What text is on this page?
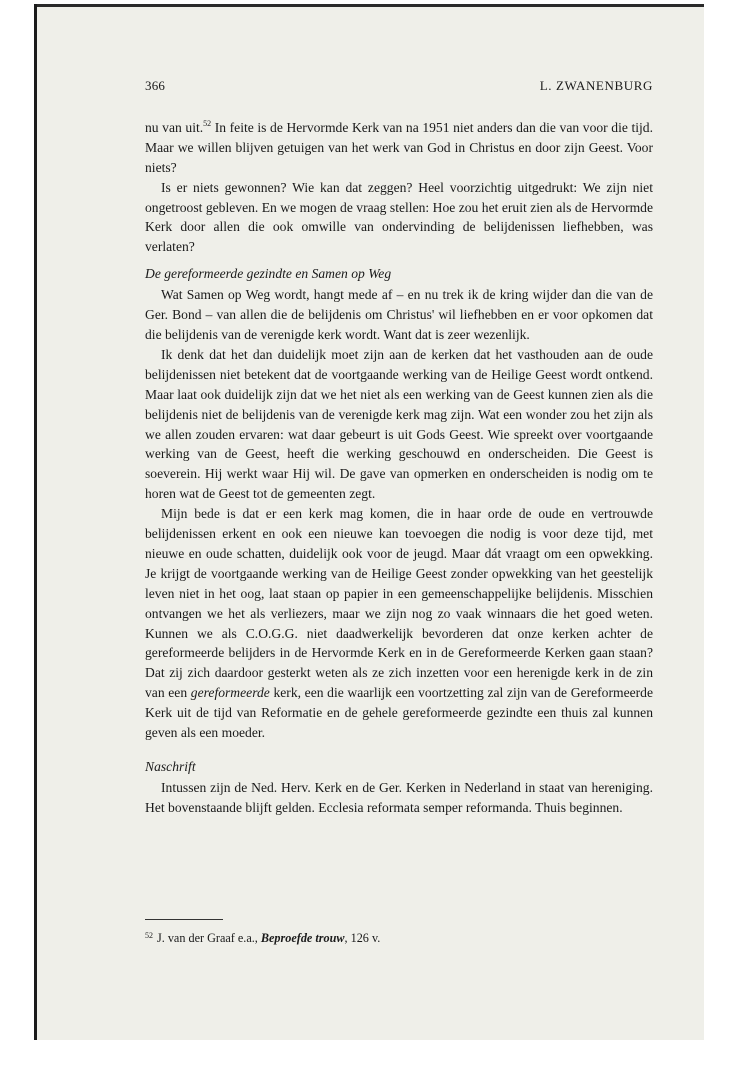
366	L. ZWANENBURG

nu van uit.$^{52}$ In feite is de Hervormde Kerk van na 1951 niet anders dan die van voor die tijd. Maar we willen blijven getuigen van het werk van God in Christus en door zijn Geest. Voor niets?

Is er niets gewonnen? Wie kan dat zeggen? Heel voorzichtig uitgedrukt: We zijn niet ongetroost gebleven. En we mogen de vraag stellen: Hoe zou het eruit zien als de Hervormde Kerk door allen die ook omwille van ondervinding de belijdenissen liefhebben, was verlaten?

De gereformeerde gezindte en Samen op Weg

Wat Samen op Weg wordt, hangt mede af – en nu trek ik de kring wijder dan die van de Ger. Bond – van allen die de belijdenis om Christus' wil liefhebben en er voor opkomen dat die belijdenis van de verenigde kerk wordt. Want dat is zeer wezenlijk.

Ik denk dat het dan duidelijk moet zijn aan de kerken dat het vasthouden aan de oude belijdenissen niet betekent dat de voortgaande werking van de Heilige Geest wordt ontkend. Maar laat ook duidelijk zijn dat we het niet als een werking van de Geest kunnen zien als die belijdenis niet de belijdenis van de verenigde kerk mag zijn. Wat een wonder zou het zijn als we allen zouden ervaren: wat daar gebeurt is uit Gods Geest. Wie spreekt over voortgaande werking van de Geest, heeft die werking geschouwd en onderscheiden. Die Geest is soeverein. Hij werkt waar Hij wil. De gave van opmerken en onderscheiden is nodig om te horen wat de Geest tot de gemeenten zegt.

Mijn bede is dat er een kerk mag komen, die in haar orde de oude en vertrouwde belijdenissen erkent en ook een nieuwe kan toevoegen die nodig is voor deze tijd, met nieuwe en oude schatten, duidelijk ook voor de jeugd. Maar dát vraagt om een opwekking. Je krijgt de voortgaande werking van de Heilige Geest zonder opwekking van het geestelijk leven niet in het oog, laat staan op papier in een gemeenschappelijke belijdenis. Misschien ontvangen we het als verliezers, maar we zijn nog zo vaak winnaars die het goed weten. Kunnen we als C.O.G.G. niet daadwerkelijk bevorderen dat onze kerken achter de gereformeerde belijders in de Hervormde Kerk en in de Gereformeerde Kerken gaan staan? Dat zij zich daardoor gesterkt weten als ze zich inzetten voor een herenigde kerk in de zin van een gereformeerde kerk, een die waarlijk een voortzetting zal zijn van de Gereformeerde Kerk uit de tijd van Reformatie en de gehele gereformeerde gezindte een thuis zal kunnen geven als een moeder.

Naschrift

Intussen zijn de Ned. Herv. Kerk en de Ger. Kerken in Nederland in staat van hereniging. Het bovenstaande blijft gelden. Ecclesia reformata semper reformanda. Thuis beginnen.

$^{52}$ J. van der Graaf e.a., Beproefde trouw, 126 v.
